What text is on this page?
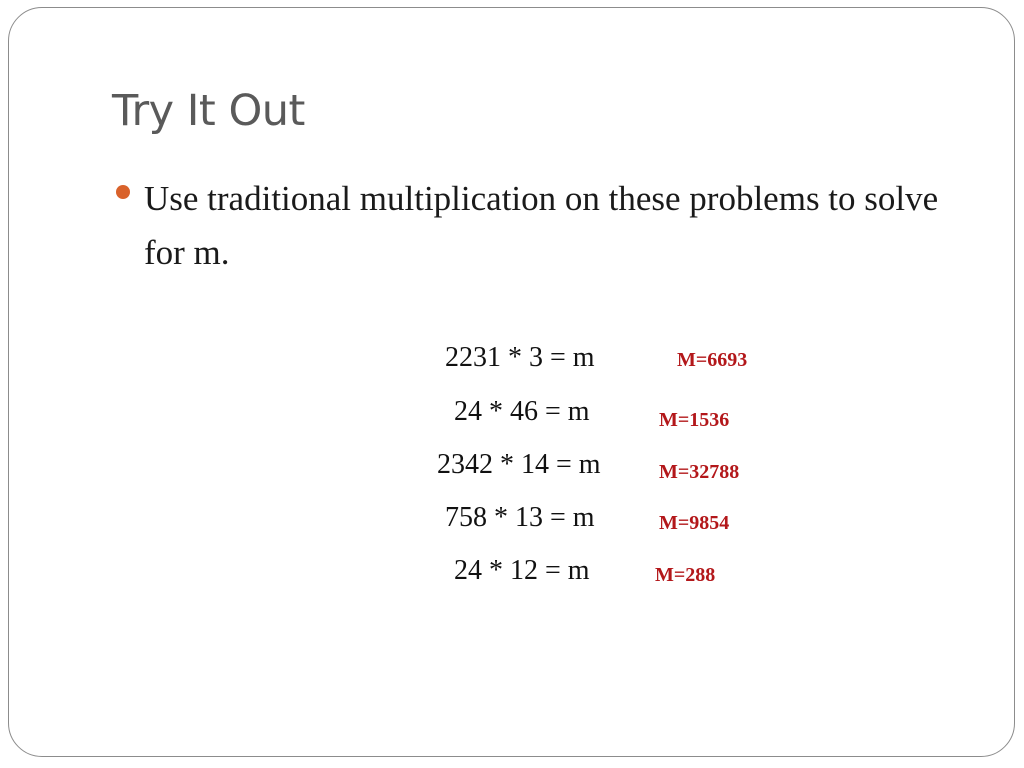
Try It Out
Use traditional multiplication on these problems to solve for m.
2231 * 3 = m	M=6693
24 * 46 = m	M=1536
2342 * 14 = m	M=32788
758 * 13 = m	M=9854
24 * 12 = m	M=288
